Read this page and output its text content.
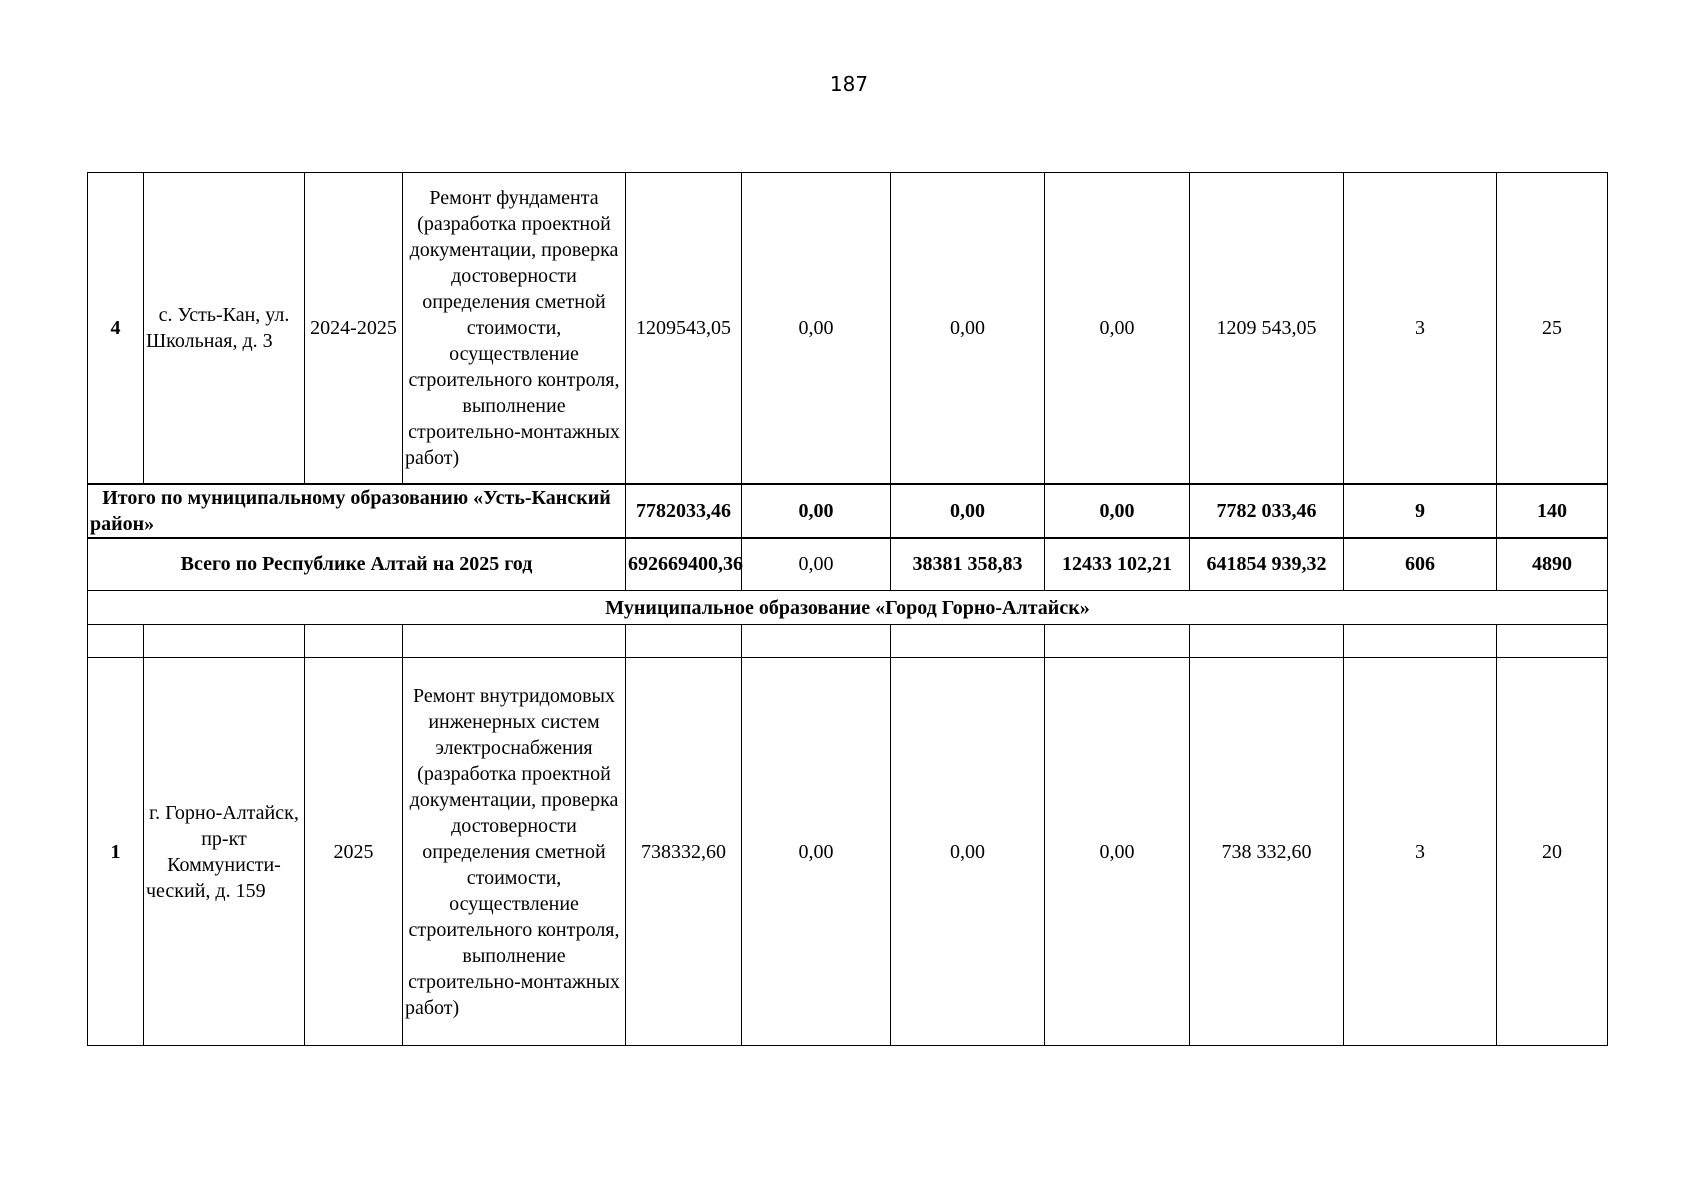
187
4	с. Усть-Кан, ул. Школьная, д. 3	2024-2025	Ремонт фундамента (разработка проектной документации, проверка достоверности определения сметной стоимости, осуществление строительного контроля, выполнение строительно-монтажных работ)	1209543,05	0,00	0,00	0,00	1209 543,05	3	25
Итого по муниципальному образованию «Усть-Канский район»				7782033,46	0,00	0,00	0,00	7782 033,46	9	140
Всего по Республике Алтай на 2025 год				692669400,36	0,00	38381 358,83	12433 102,21	641854 939,32	606	4890
Муниципальное образование «Город Горно-Алтайск»										

1	г. Горно-Алтайск, пр-кт Коммунисти-ческий, д. 159	2025	Ремонт внутридомовых инженерных систем электроснабжения (разработка проектной документации, проверка достоверности определения сметной стоимости, осуществление строительного контроля, выполнение строительно-монтажных работ)	738332,60	0,00	0,00	0,00	738 332,60	3	20
